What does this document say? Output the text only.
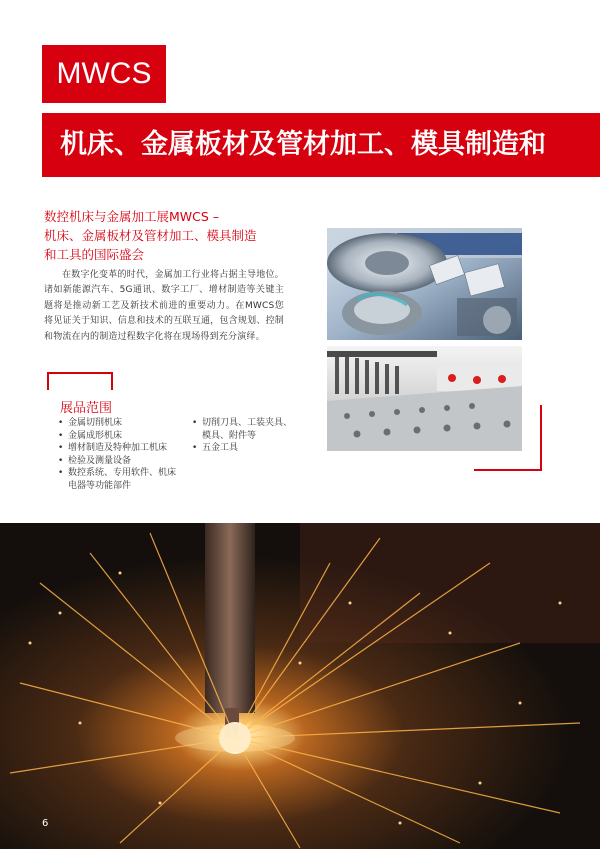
MWCS
机床、金属板材及管材加工、模具制造和
数控机床与金属加工展MWCS –
机床、金属板材及管材加工、模具制造
和工具的国际盛会
在数字化变革的时代，金属加工行业将占据主导地位。诸如新能源汽车、5G通讯、数字工厂、增材制造等关键主题将是推动新工艺及新技术前进的重要动力。在MWCS您将见证关于知识、信息和技术的互联互通，包含规划、控制和物流在内的制造过程数字化将在现场得到充分演绎。
展品范围
• 金属切削机床
• 金属成形机床
• 增材制造及特种加工机床
• 检验及测量设备
• 数控系统、专用软件、机床电器等功能部件
• 切削刀具、工装夹具、模具、附件等
• 五金工具
6
